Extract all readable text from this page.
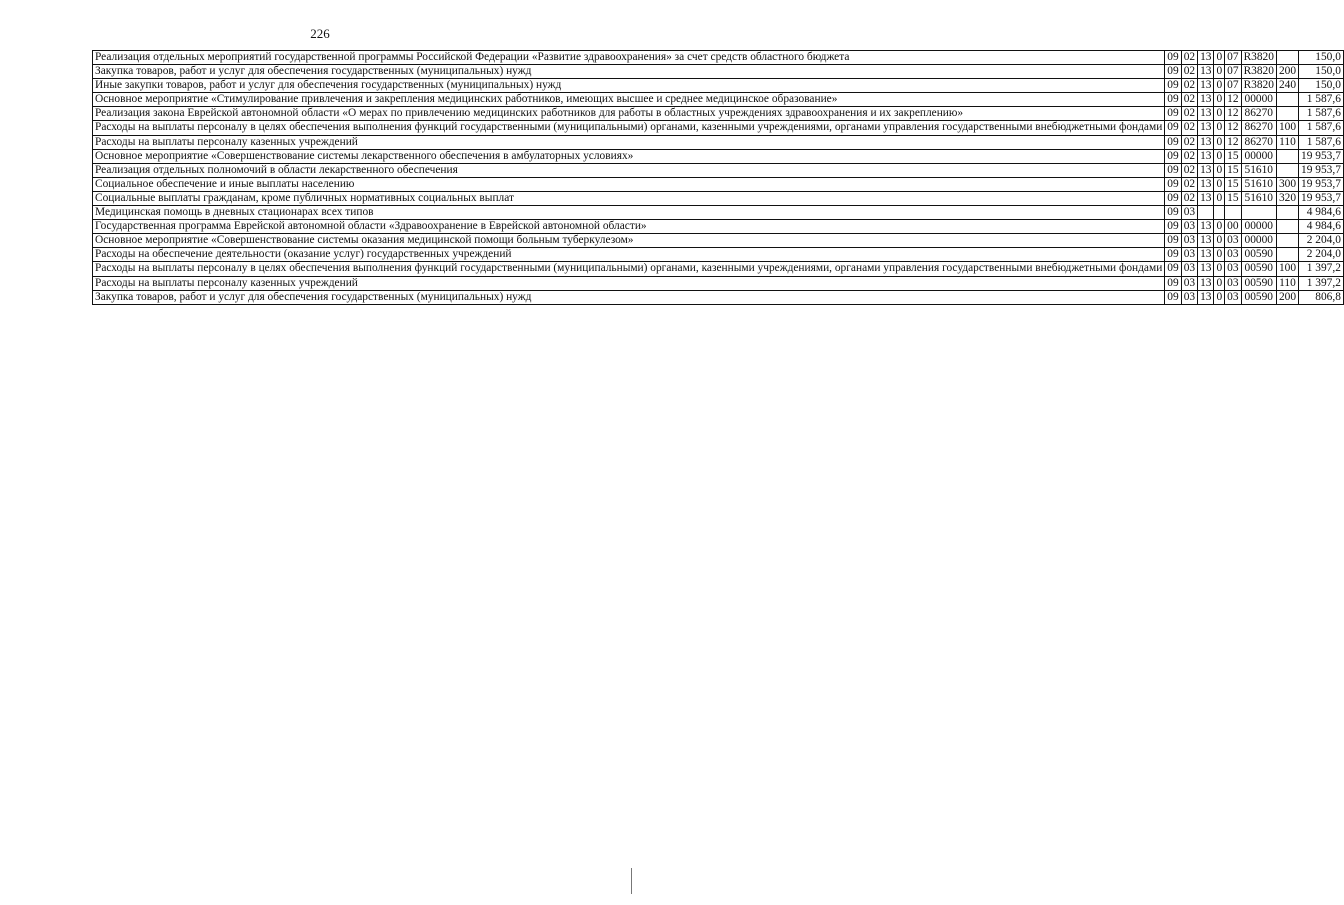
226
Реализация отдельных мероприятий государственной программы Российской Федерации «Развитие здравоохранения» за счет средств областного бюджета	09	02	13	0	07	R3820		150,0
Закупка товаров, работ и услуг для обеспечения государственных (муниципальных) нужд	09	02	13	0	07	R3820	200	150,0
Иные закупки товаров, работ и услуг для обеспечения государственных (муниципальных) нужд	09	02	13	0	07	R3820	240	150,0
Основное мероприятие «Стимулирование привлечения и закрепления медицинских работников, имеющих высшее и среднее медицинское образование»	09	02	13	0	12	00000		1 587,6
Реализация закона Еврейской автономной области «О мерах по привлечению медицинских работников для работы в областных учреждениях здравоохранения и их закреплению»	09	02	13	0	12	86270		1 587,6
Расходы на выплаты персоналу в целях обеспечения выполнения функций государственными (муниципальными) органами, казенными учреждениями, органами управления государственными внебюджетными фондами	09	02	13	0	12	86270	100	1 587,6
Расходы на выплаты персоналу казенных учреждений	09	02	13	0	12	86270	110	1 587,6
Основное мероприятие «Совершенствование системы лекарственного обеспечения в амбулаторных условиях»	09	02	13	0	15	00000		19 953,7
Реализация отдельных полномочий в области лекарственного обеспечения	09	02	13	0	15	51610		19 953,7
Социальное обеспечение и иные выплаты населению	09	02	13	0	15	51610	300	19 953,7
Социальные выплаты гражданам, кроме публичных нормативных социальных выплат	09	02	13	0	15	51610	320	19 953,7
Медицинская помощь в дневных стационарах всех типов	09	03						4 984,6
Государственная программа Еврейской автономной области «Здравоохранение в Еврейской автономной области»	09	03	13	0	00	00000		4 984,6
Основное мероприятие «Совершенствование системы оказания медицинской помощи больным туберкулезом»	09	03	13	0	03	00000		2 204,0
Расходы на обеспечение деятельности (оказание услуг) государственных учреждений	09	03	13	0	03	00590		2 204,0
Расходы на выплаты персоналу в целях обеспечения выполнения функций государственными (муниципальными) органами, казенными учреждениями, органами управления государственными внебюджетными фондами	09	03	13	0	03	00590	100	1 397,2
Расходы на выплаты персоналу казенных учреждений	09	03	13	0	03	00590	110	1 397,2
Закупка товаров, работ и услуг для обеспечения государственных (муниципальных) нужд	09	03	13	0	03	00590	200	806,8
